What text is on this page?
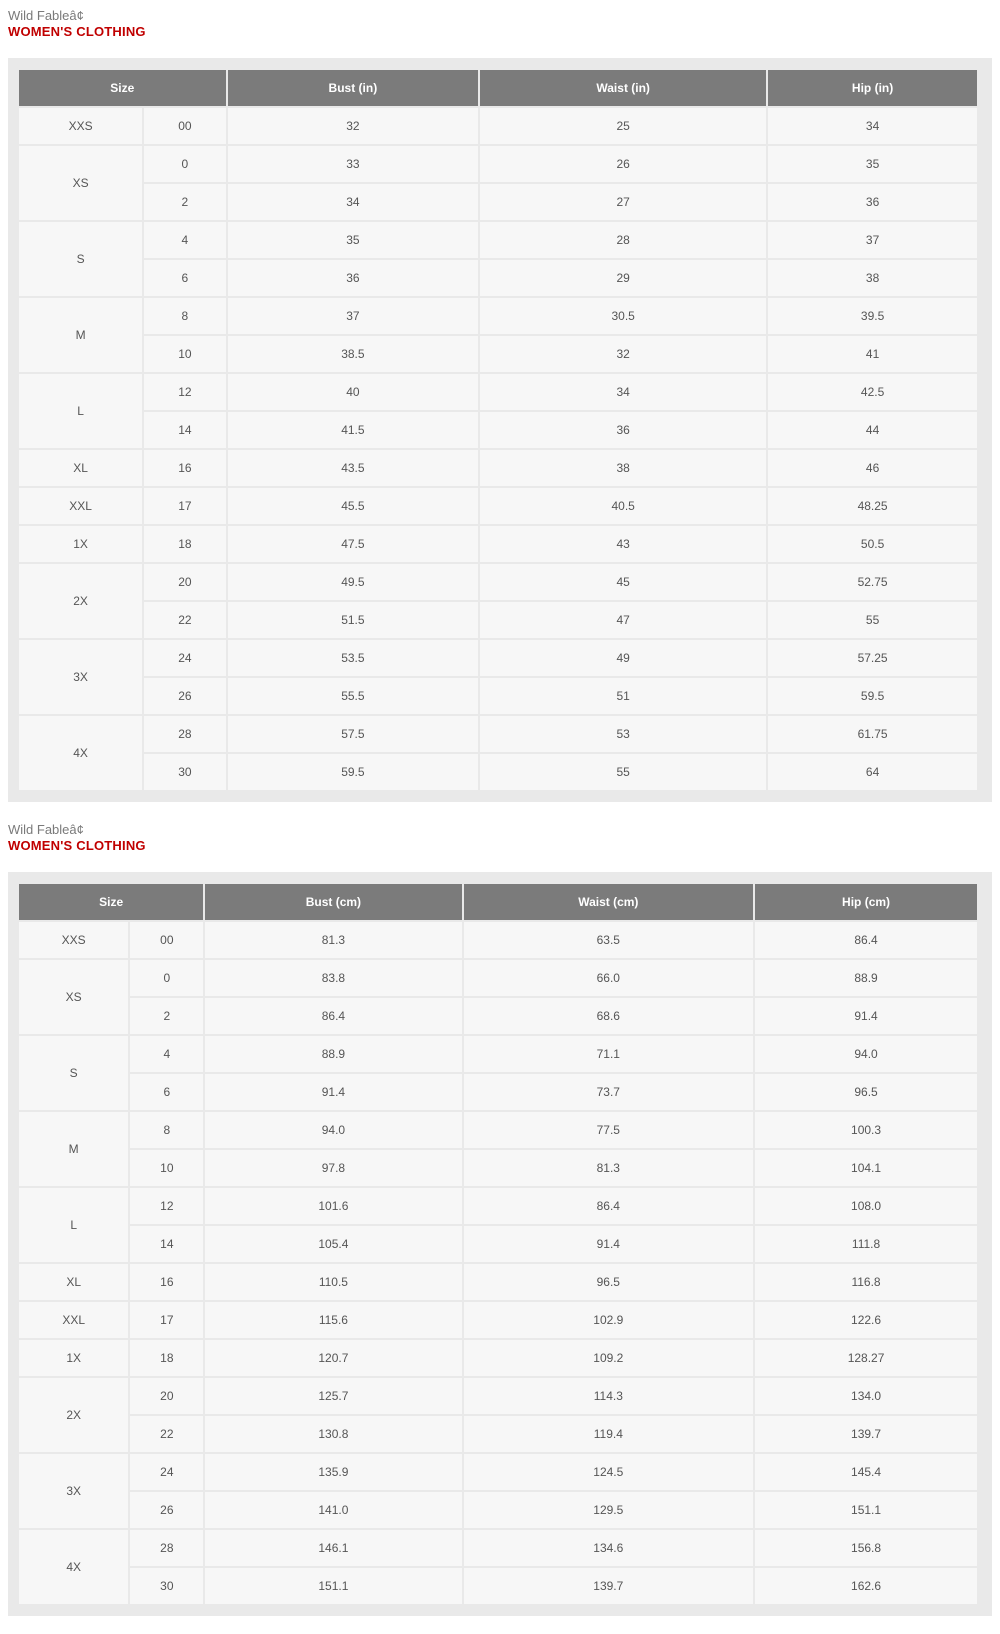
Wild Fableâ¢
WOMEN'S CLOTHING
Size		Bust (in)	Waist (in)	Hip (in)
XXS	00	32	25	34
XS	0	33	26	35
	2	34	27	36
S	4	35	28	37
	6	36	29	38
M	8	37	30.5	39.5
	10	38.5	32	41
L	12	40	34	42.5
	14	41.5	36	44
XL	16	43.5	38	46
XXL	17	45.5	40.5	48.25
1X	18	47.5	43	50.5
2X	20	49.5	45	52.75
	22	51.5	47	55
3X	24	53.5	49	57.25
	26	55.5	51	59.5
4X	28	57.5	53	61.75
	30	59.5	55	64
Wild Fableâ¢
WOMEN'S CLOTHING
Size		Bust (cm)	Waist (cm)	Hip (cm)
XXS	00	81.3	63.5	86.4
XS	0	83.8	66.0	88.9
	2	86.4	68.6	91.4
S	4	88.9	71.1	94.0
	6	91.4	73.7	96.5
M	8	94.0	77.5	100.3
	10	97.8	81.3	104.1
L	12	101.6	86.4	108.0
	14	105.4	91.4	111.8
XL	16	110.5	96.5	116.8
XXL	17	115.6	102.9	122.6
1X	18	120.7	109.2	128.27
2X	20	125.7	114.3	134.0
	22	130.8	119.4	139.7
3X	24	135.9	124.5	145.4
	26	141.0	129.5	151.1
4X	28	146.1	134.6	156.8
	30	151.1	139.7	162.6
